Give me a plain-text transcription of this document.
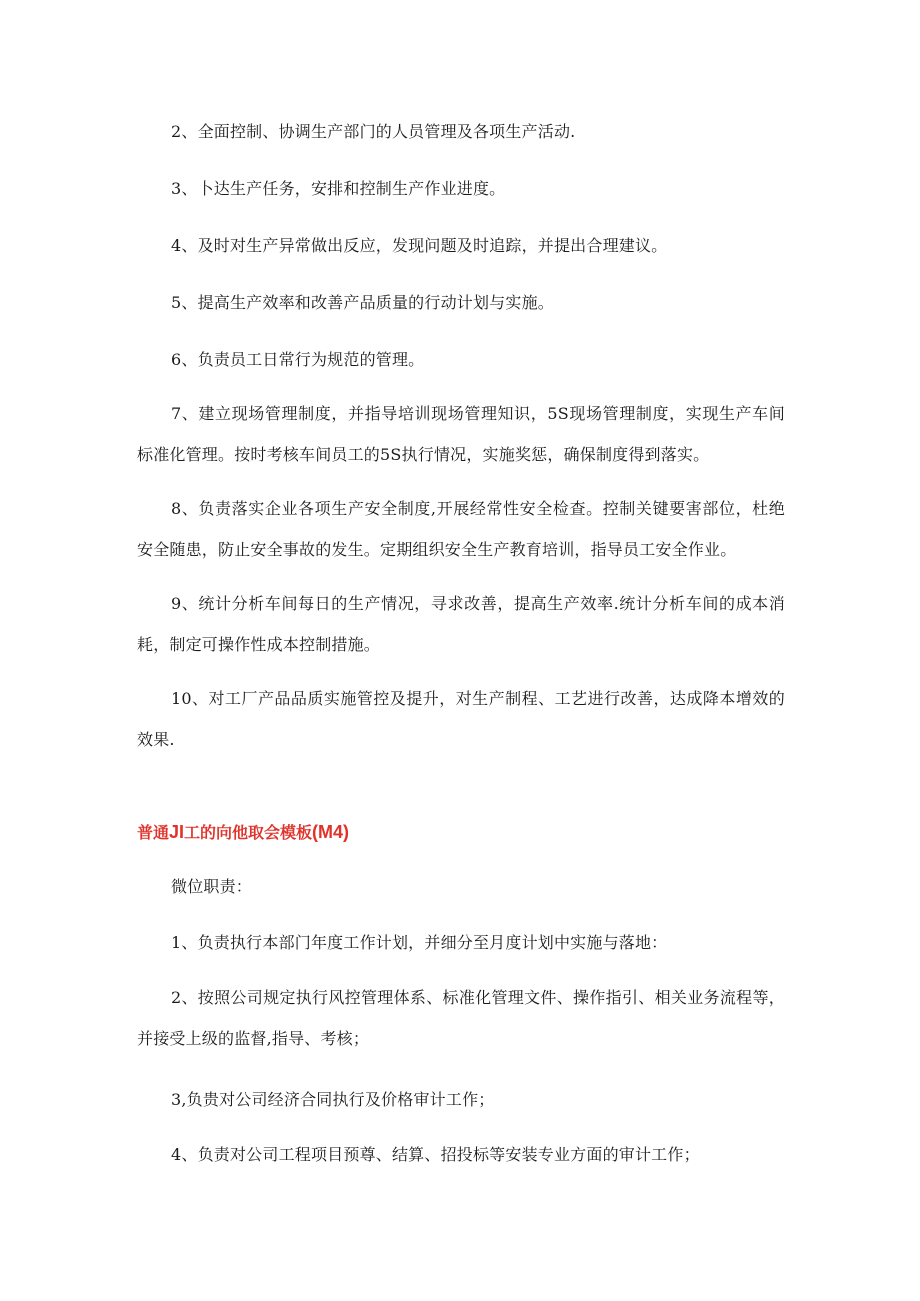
2、全面控制、协调生产部门的人员管理及各项生产活动.

3、卜达生产任务，安排和控制生产作业进度。

4、及时对生产异常做出反应，发现问题及时追踪，并提出合理建议。

5、提高生产效率和改善产品质量的行动计划与实施。

6、负责员工日常行为规范的管理。

7、建立现场管理制度，并指导培训现场管理知识，5S现场管理制度，实现生产车间标准化管理。按时考核车间员工的5S执行情况，实施奖惩，确保制度得到落实。

8、负责落实企业各项生产安全制度,开展经常性安全检查。控制关键要害部位，杜绝安全随患，防止安全事故的发生。定期组织安全生产教育培训，指导员工安全作业。

9、统计分析车间每日的生产情况，寻求改善，提高生产效率.统计分析车间的成本消耗，制定可操作性成本控制措施。

10、对工厂产品品质实施管控及提升，对生产制程、工艺进行改善，达成降本增效的效果.

普通JI工的向他取会模板(M4)

微位职责：

1、负责执行本部门年度工作计划，并细分至月度计划中实施与落地：

2、按照公司规定执行风控管理体系、标准化管理文件、操作指引、相关业务流程等，并接受上级的监督,指导、考核；

3,负贵对公司经济合同执行及价格审计工作；

4、负责对公司工程项目预尊、结算、招投标等安装专业方面的审计工作；
